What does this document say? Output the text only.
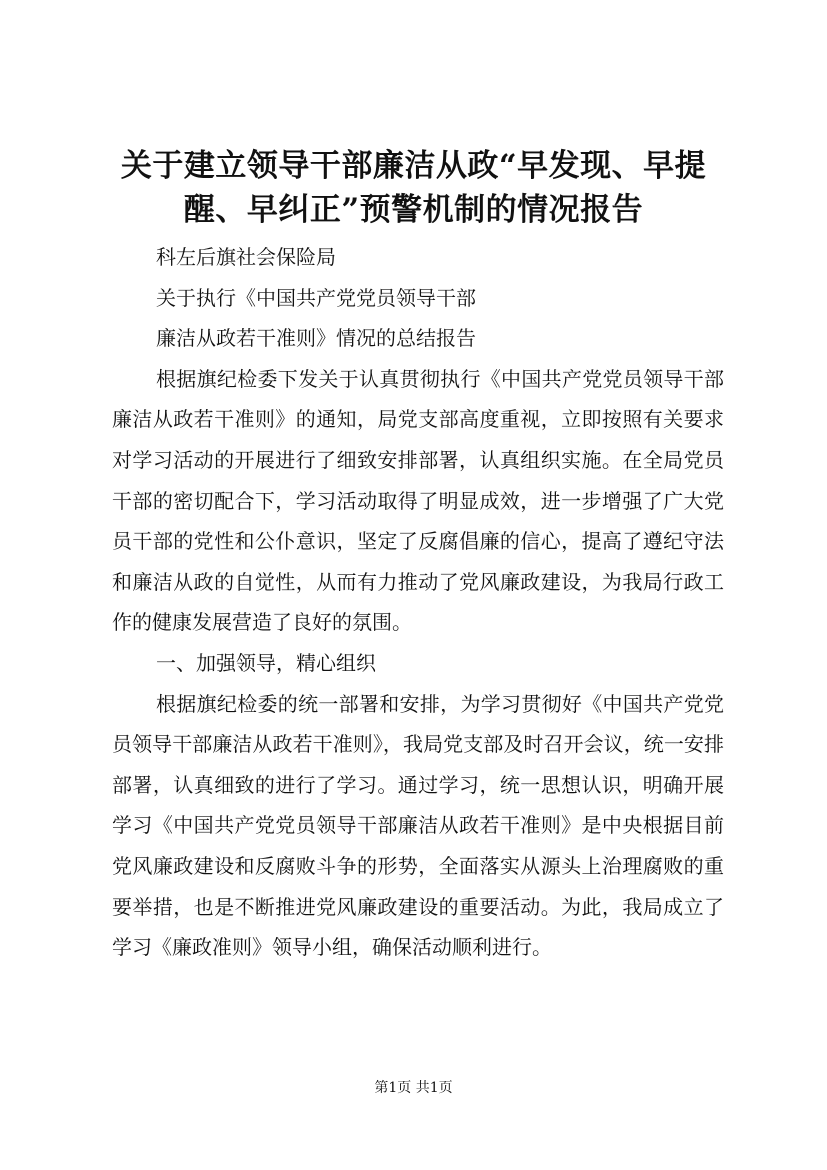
关于建立领导干部廉洁从政“早发现、早提
醒、早纠正”预警机制的情况报告

科左后旗社会保险局

关于执行《中国共产党党员领导干部

廉洁从政若干准则》情况的总结报告

根据旗纪检委下发关于认真贯彻执行《中国共产党党员领导干部廉洁从政若干准则》的通知，局党支部高度重视，立即按照有关要求对学习活动的开展进行了细致安排部署，认真组织实施。在全局党员干部的密切配合下，学习活动取得了明显成效，进一步增强了广大党员干部的党性和公仆意识，坚定了反腐倡廉的信心，提高了遵纪守法和廉洁从政的自觉性，从而有力推动了党风廉政建设，为我局行政工作的健康发展营造了良好的氛围。

一、加强领导，精心组织

根据旗纪检委的统一部署和安排，为学习贯彻好《中国共产党党员领导干部廉洁从政若干准则》，我局党支部及时召开会议，统一安排部署，认真细致的进行了学习。通过学习，统一思想认识，明确开展学习《中国共产党党员领导干部廉洁从政若干准则》是中央根据目前党风廉政建设和反腐败斗争的形势，全面落实从源头上治理腐败的重要举措，也是不断推进党风廉政建设的重要活动。为此，我局成立了学习《廉政准则》领导小组，确保活动顺利进行。

第1页 共1页
